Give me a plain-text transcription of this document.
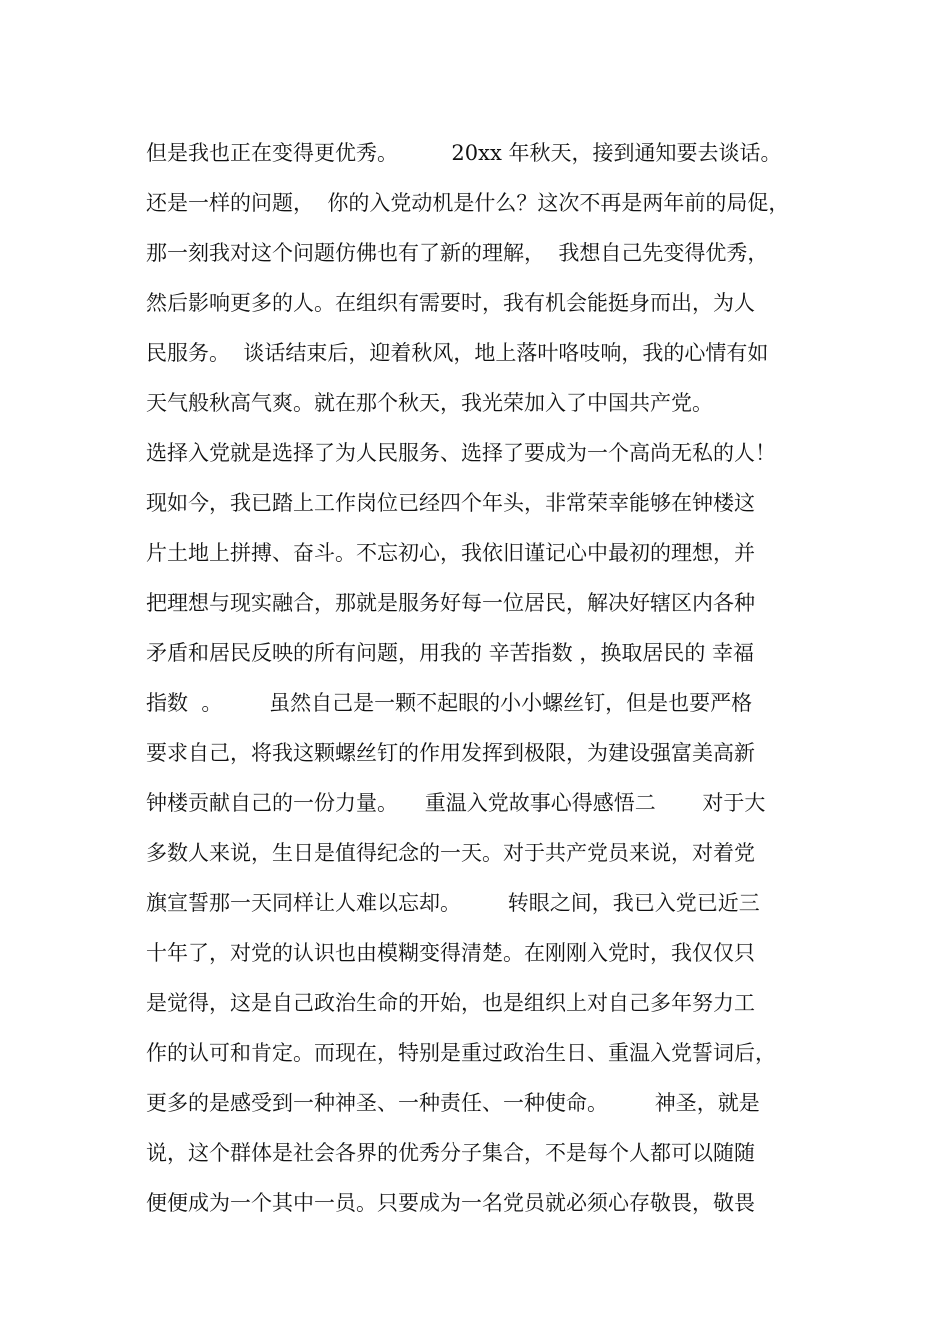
但是我也正在变得更优秀。        20xx 年秋天，接到通知要去谈话。
还是一样的问题，  你的入党动机是什么？这次不再是两年前的局促，
那一刻我对这个问题仿佛也有了新的理解，  我想自己先变得优秀，
然后影响更多的人。在组织有需要时，我有机会能挺身而出，为人
民服务。  谈话结束后，迎着秋风，地上落叶咯吱响，我的心情有如
天气般秋高气爽。就在那个秋天，我光荣加入了中国共产党。
选择入党就是选择了为人民服务、选择了要成为一个高尚无私的人！
现如今，我已踏上工作岗位已经四个年头，非常荣幸能够在钟楼这
片土地上拼搏、奋斗。不忘初心，我依旧谨记心中最初的理想，并
把理想与现实融合，那就是服务好每一位居民，解决好辖区内各种
矛盾和居民反映的所有问题，用我的 辛苦指数 ，换取居民的 幸福
指数  。       虽然自己是一颗不起眼的小小螺丝钉，但是也要严格
要求自己，将我这颗螺丝钉的作用发挥到极限，为建设强富美高新
钟楼贡献自己的一份力量。    重温入党故事心得感悟二       对于大
多数人来说，生日是值得纪念的一天。对于共产党员来说，对着党
旗宣誓那一天同样让人难以忘却。       转眼之间，我已入党已近三
十年了，对党的认识也由模糊变得清楚。在刚刚入党时，我仅仅只
是觉得，这是自己政治生命的开始，也是组织上对自己多年努力工
作的认可和肯定。而现在，特别是重过政治生日、重温入党誓词后，
更多的是感受到一种神圣、一种责任、一种使命。       神圣，就是
说，这个群体是社会各界的优秀分子集合，不是每个人都可以随随
便便成为一个其中一员。只要成为一名党员就必须心存敬畏，敬畏
